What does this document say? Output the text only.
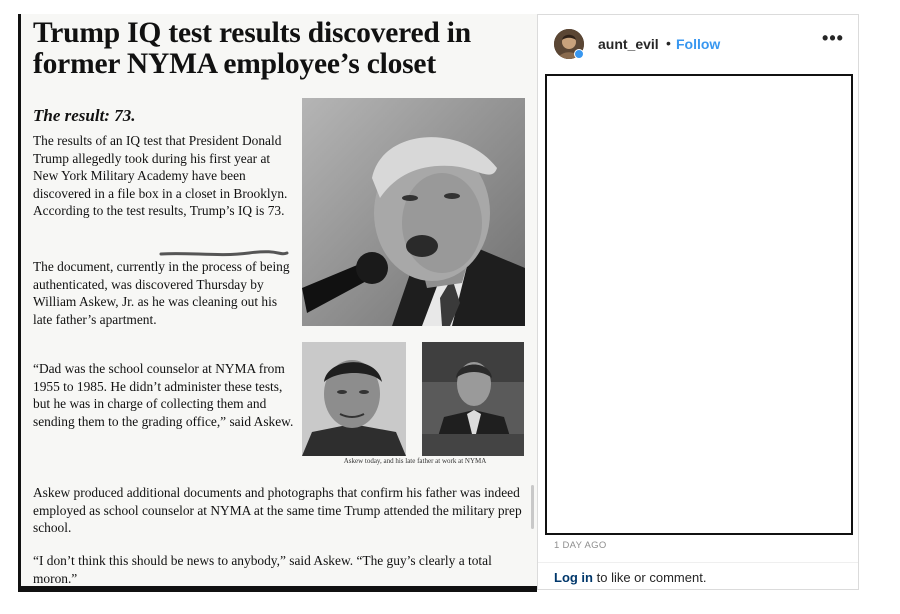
Trump IQ test results discovered in former NYMA employee’s closet

The result: 73.

The results of an IQ test that President Donald Trump allegedly took during his first year at New York Military Academy have been discovered in a file box in a closet in Brooklyn. According to the test results, Trump’s IQ is 73.

The document, currently in the process of being authenticated, was discovered Thursday by William Askew, Jr. as he was cleaning out his late father’s apartment.

“Dad was the school counselor at NYMA from 1955 to 1985. He didn’t administer these tests, but he was in charge of collecting them and sending them to the grading office,” said Askew.

Askew produced additional documents and photographs that confirm his father was indeed employed as school counselor at NYMA at the same time Trump attended the military prep school.

“I don’t think this should be news to anybody,” said Askew. “The guy’s clearly a total moron.”

Askew today, and his late father at work at NYMA

aunt_evil • Follow	•••
1 DAY AGO
Log in to like or comment.
